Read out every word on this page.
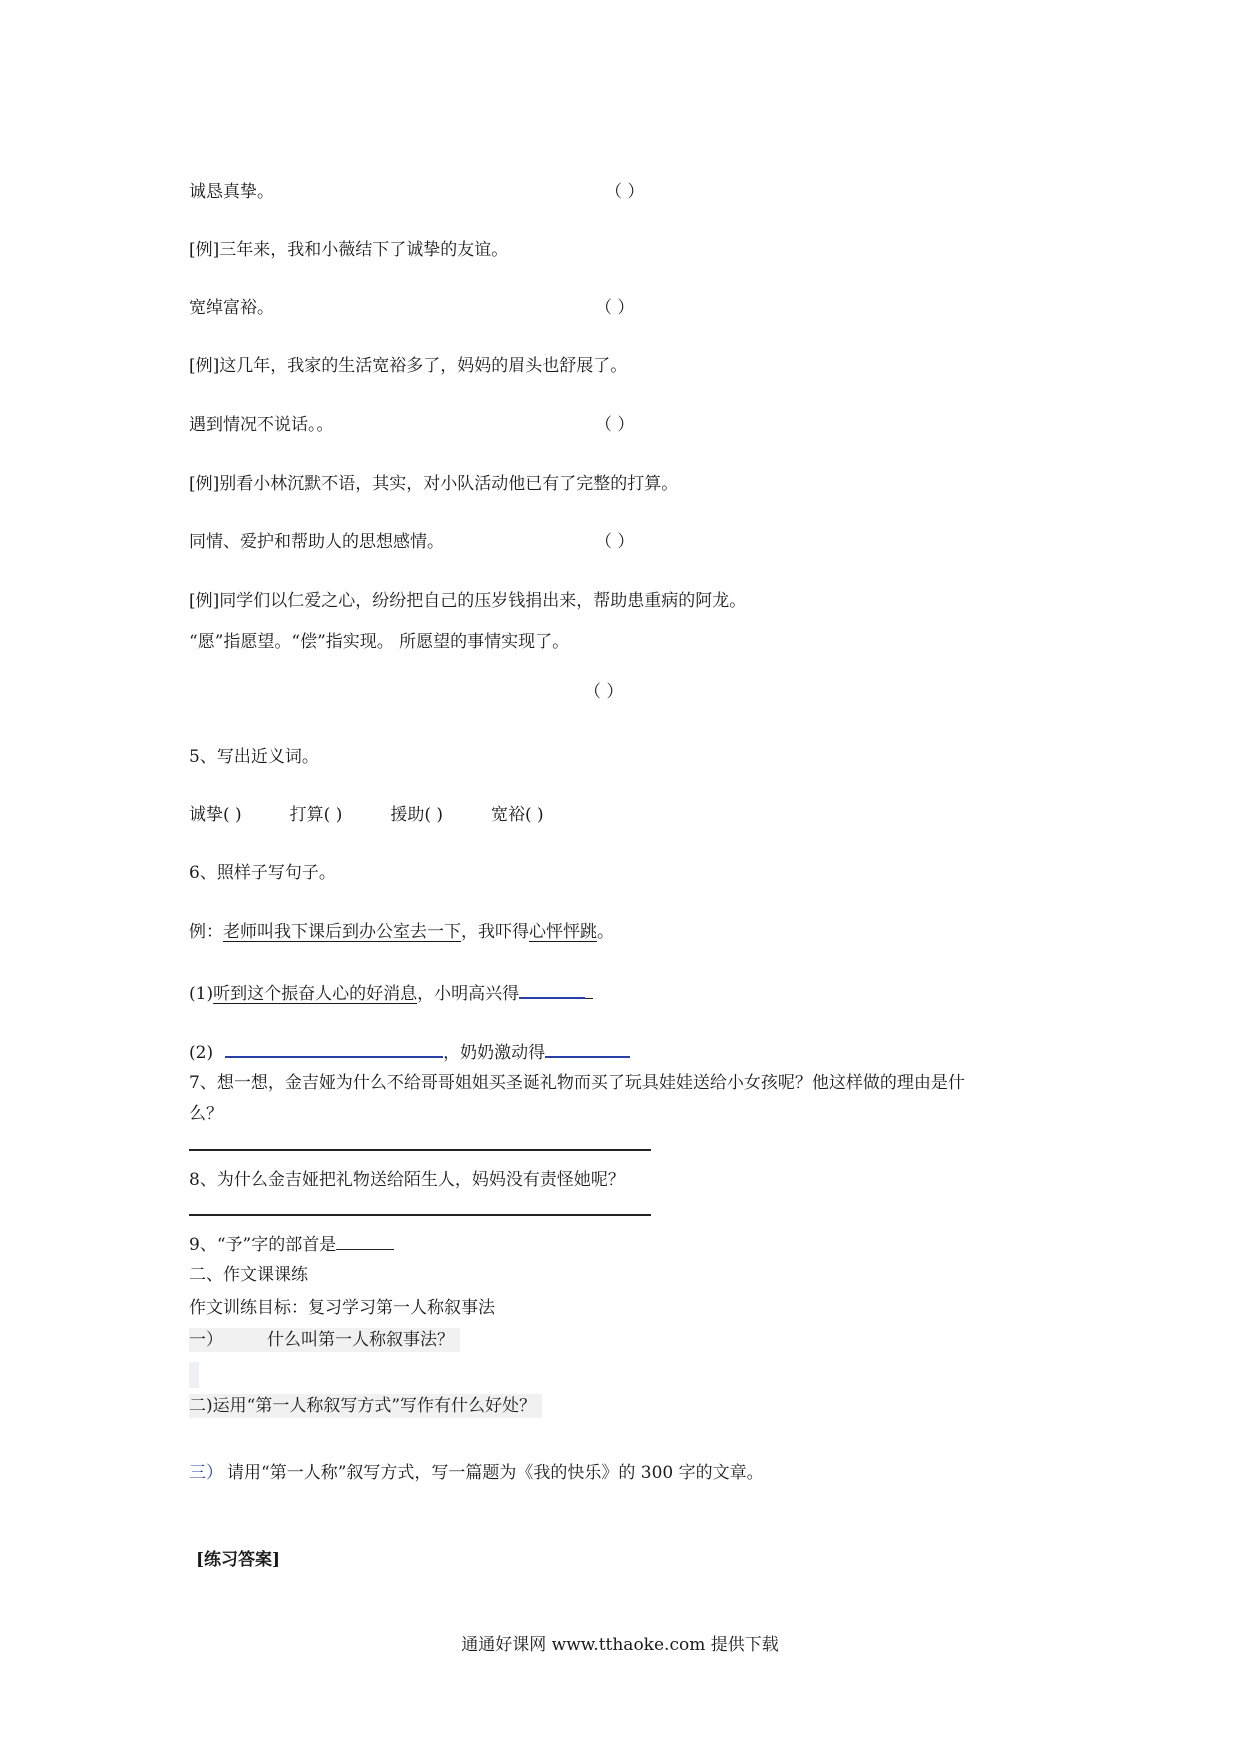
诚恳真挚。	（ ）
[例]三年来，我和小薇结下了诚挚的友谊。
宽绰富裕。	（ ）
[例]这几年，我家的生活宽裕多了，妈妈的眉头也舒展了。
遇到情况不说话。。	（ ）
[例]别看小林沉默不语，其实，对小队活动他已有了完整的打算。
同情、爱护和帮助人的思想感情。	（ ）
[例]同学们以仁爱之心，纷纷把自己的压岁钱捐出来，帮助患重病的阿龙。
“愿”指愿望。“偿”指实现。 所愿望的事情实现了。
（ ）
5、写出近义词。
诚挚( )	打算( )	援助( )	宽裕( )
6、照样子写句子。
例：老师叫我下课后到办公室去一下，我吓得心怦怦跳。
(1)听到这个振奋人心的好消息，小明高兴得
(2)	，奶奶激动得
7、想一想，金吉娅为什么不给哥哥姐姐买圣诞礼物而买了玩具娃娃送给小女孩呢？他这样做的理由是什
么？
8、为什么金吉娅把礼物送给陌生人，妈妈没有责怪她呢？
9、“予”字的部首是
二、作文课课练
作文训练目标：复习学习第一人称叙事法
一）	什么叫第一人称叙事法？
二)运用“第一人称叙写方式”写作有什么好处？
三） 请用“第一人称”叙写方式，写一篇题为《我的快乐》的 300 字的文章。
[练习答案]
通通好课网 www.tthaoke.com 提供下载
